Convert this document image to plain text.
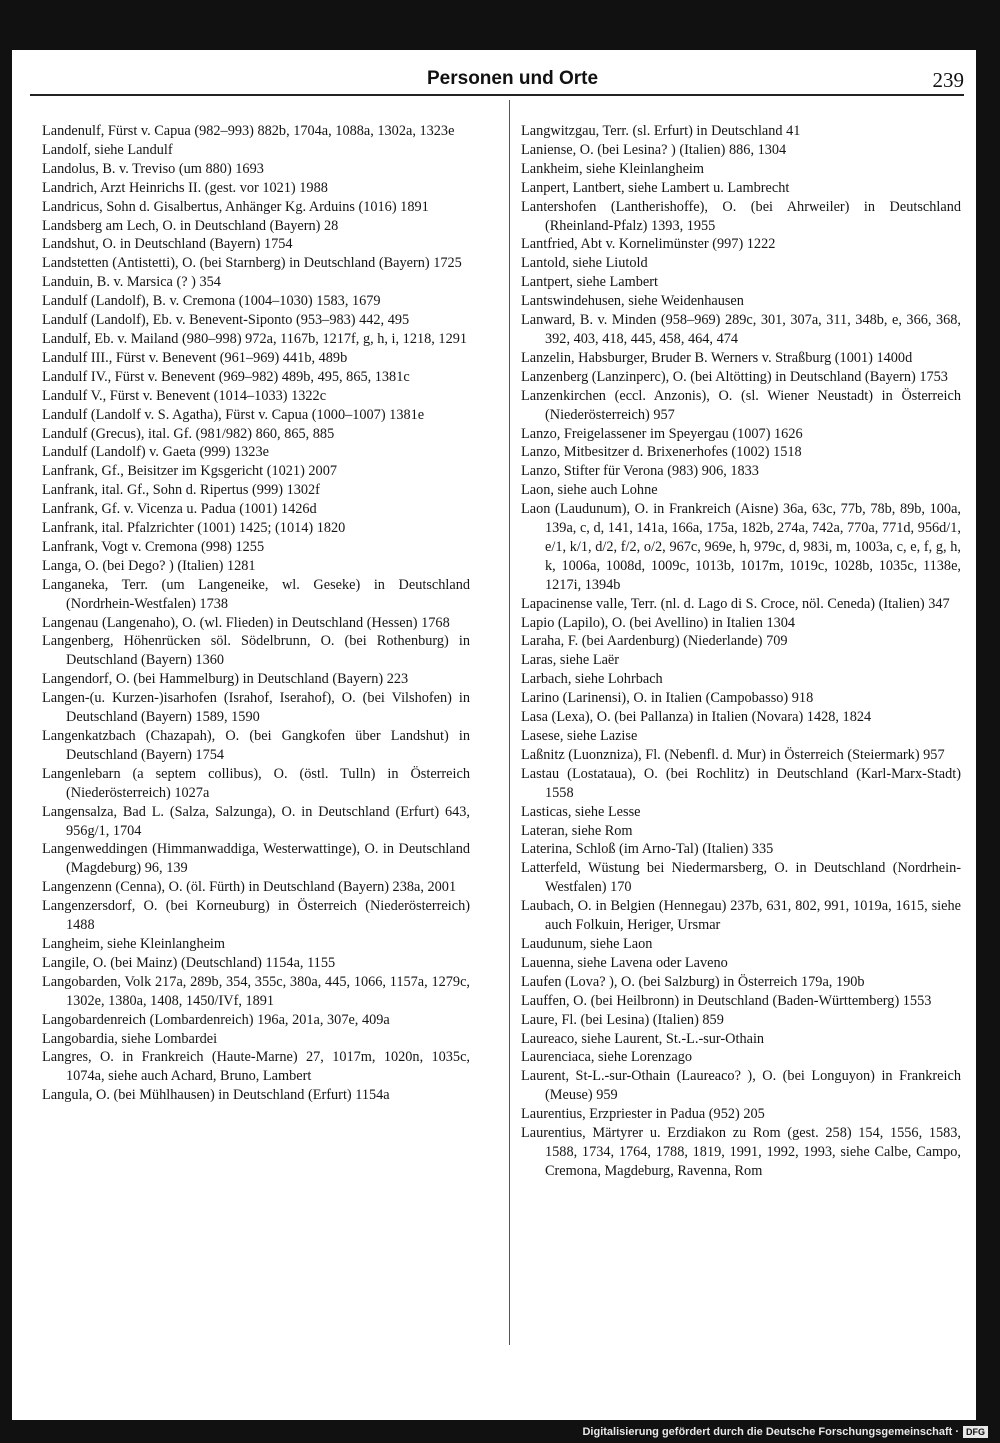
Personen und Orte	239

Landenulf, Fürst v. Capua (982–993) 882b, 1704a, 1088a, 1302a, 1323e

Landolf, siehe Landulf

Landolus, B. v. Treviso (um 880) 1693

Landrich, Arzt Heinrichs II. (gest. vor 1021) 1988

Landricus, Sohn d. Gisalbertus, Anhänger Kg. Arduins (1016) 1891

Landsberg am Lech, O. in Deutschland (Bayern) 28

Landshut, O. in Deutschland (Bayern) 1754

Landstetten (Antistetti), O. (bei Starnberg) in Deutschland (Bayern) 1725

Landuin, B. v. Marsica (? ) 354

Landulf (Landolf), B. v. Cremona (1004–1030) 1583, 1679

Landulf (Landolf), Eb. v. Benevent-Siponto (953–983) 442, 495

Landulf, Eb. v. Mailand (980–998) 972a, 1167b, 1217f, g, h, i, 1218, 1291

Landulf III., Fürst v. Benevent (961–969) 441b, 489b

Landulf IV., Fürst v. Benevent (969–982) 489b, 495, 865, 1381c

Landulf V., Fürst v. Benevent (1014–1033) 1322c

Landulf (Landolf v. S. Agatha), Fürst v. Capua (1000–1007) 1381e

Landulf (Grecus), ital. Gf. (981/982) 860, 865, 885

Landulf (Landolf) v. Gaeta (999) 1323e

Lanfrank, Gf., Beisitzer im Kgsgericht (1021) 2007

Lanfrank, ital. Gf., Sohn d. Ripertus (999) 1302f

Lanfrank, Gf. v. Vicenza u. Padua (1001) 1426d

Lanfrank, ital. Pfalzrichter (1001) 1425; (1014) 1820

Lanfrank, Vogt v. Cremona (998) 1255

Langa, O. (bei Dego? ) (Italien) 1281

Langaneka, Terr. (um Langeneike, wl. Geseke) in Deutschland (Nordrhein-Westfalen) 1738

Langenau (Langenaho), O. (wl. Flieden) in Deutschland (Hessen) 1768

Langenberg, Höhenrücken söl. Södelbrunn, O. (bei Rothenburg) in Deutschland (Bayern) 1360

Langendorf, O. (bei Hammelburg) in Deutschland (Bayern) 223

Langen-(u. Kurzen-)isarhofen (Israhof, Iserahof), O. (bei Vilshofen) in Deutschland (Bayern) 1589, 1590

Langenkatzbach (Chazapah), O. (bei Gangkofen über Landshut) in Deutschland (Bayern) 1754

Langenlebarn (a septem collibus), O. (östl. Tulln) in Österreich (Niederösterreich) 1027a

Langensalza, Bad L. (Salza, Salzunga), O. in Deutschland (Erfurt) 643, 956g/1, 1704

Langenweddingen (Himmanwaddiga, Westerwattinge), O. in Deutschland (Magdeburg) 96, 139

Langenzenn (Cenna), O. (öl. Fürth) in Deutschland (Bayern) 238a, 2001

Langenzersdorf, O. (bei Korneuburg) in Österreich (Niederösterreich) 1488

Langheim, siehe Kleinlangheim

Langile, O. (bei Mainz) (Deutschland) 1154a, 1155

Langobarden, Volk 217a, 289b, 354, 355c, 380a, 445, 1066, 1157a, 1279c, 1302e, 1380a, 1408, 1450/IVf, 1891

Langobardenreich (Lombardenreich) 196a, 201a, 307e, 409a

Langobardia, siehe Lombardei

Langres, O. in Frankreich (Haute-Marne) 27, 1017m, 1020n, 1035c, 1074a, siehe auch Achard, Bruno, Lambert

Langula, O. (bei Mühlhausen) in Deutschland (Erfurt) 1154a

Langwitzgau, Terr. (sl. Erfurt) in Deutschland 41

Laniense, O. (bei Lesina? ) (Italien) 886, 1304

Lankheim, siehe Kleinlangheim

Lanpert, Lantbert, siehe Lambert u. Lambrecht

Lantershofen (Lantherishoffe), O. (bei Ahrweiler) in Deutschland (Rheinland-Pfalz) 1393, 1955

Lantfried, Abt v. Kornelimünster (997) 1222

Lantold, siehe Liutold

Lantpert, siehe Lambert

Lantswindehusen, siehe Weidenhausen

Lanward, B. v. Minden (958–969) 289c, 301, 307a, 311, 348b, e, 366, 368, 392, 403, 418, 445, 458, 464, 474

Lanzelin, Habsburger, Bruder B. Werners v. Straßburg (1001) 1400d

Lanzenberg (Lanzinperc), O. (bei Altötting) in Deutschland (Bayern) 1753

Lanzenkirchen (eccl. Anzonis), O. (sl. Wiener Neustadt) in Österreich (Niederösterreich) 957

Lanzo, Freigelassener im Speyergau (1007) 1626

Lanzo, Mitbesitzer d. Brixenerhofes (1002) 1518

Lanzo, Stifter für Verona (983) 906, 1833

Laon, siehe auch Lohne

Laon (Laudunum), O. in Frankreich (Aisne) 36a, 63c, 77b, 78b, 89b, 100a, 139a, c, d, 141, 141a, 166a, 175a, 182b, 274a, 742a, 770a, 771d, 956d/1, e/1, k/1, d/2, f/2, o/2, 967c, 969e, h, 979c, d, 983i, m, 1003a, c, e, f, g, h, k, 1006a, 1008d, 1009c, 1013b, 1017m, 1019c, 1028b, 1035c, 1138e, 1217i, 1394b

Lapacinense valle, Terr. (nl. d. Lago di S. Croce, nöl. Ceneda) (Italien) 347

Lapio (Lapilo), O. (bei Avellino) in Italien 1304

Laraha, F. (bei Aardenburg) (Niederlande) 709

Laras, siehe Laër

Larbach, siehe Lohrbach

Larino (Larinensi), O. in Italien (Campobasso) 918

Lasa (Lexa), O. (bei Pallanza) in Italien (Novara) 1428, 1824

Lasese, siehe Lazise

Laßnitz (Luonzniza), Fl. (Nebenfl. d. Mur) in Österreich (Steiermark) 957

Lastau (Lostataua), O. (bei Rochlitz) in Deutschland (Karl-Marx-Stadt) 1558

Lasticas, siehe Lesse

Lateran, siehe Rom

Laterina, Schloß (im Arno-Tal) (Italien) 335

Latterfeld, Wüstung bei Niedermarsberg, O. in Deutschland (Nordrhein-Westfalen) 170

Laubach, O. in Belgien (Hennegau) 237b, 631, 802, 991, 1019a, 1615, siehe auch Folkuin, Heriger, Ursmar

Laudunum, siehe Laon

Lauenna, siehe Lavena oder Laveno

Laufen (Lova? ), O. (bei Salzburg) in Österreich 179a, 190b

Lauffen, O. (bei Heilbronn) in Deutschland (Baden-Württemberg) 1553

Laure, Fl. (bei Lesina) (Italien) 859

Laureaco, siehe Laurent, St.-L.-sur-Othain

Laurenciaca, siehe Lorenzago

Laurent, St-L.-sur-Othain (Laureaco? ), O. (bei Longuyon) in Frankreich (Meuse) 959

Laurentius, Erzpriester in Padua (952) 205

Laurentius, Märtyrer u. Erzdiakon zu Rom (gest. 258) 154, 1556, 1583, 1588, 1734, 1764, 1788, 1819, 1991, 1992, 1993, siehe Calbe, Campo, Cremona, Magdeburg, Ravenna, Rom

Digitalisierung gefördert durch die Deutsche Forschungsgemeinschaft · DFG
